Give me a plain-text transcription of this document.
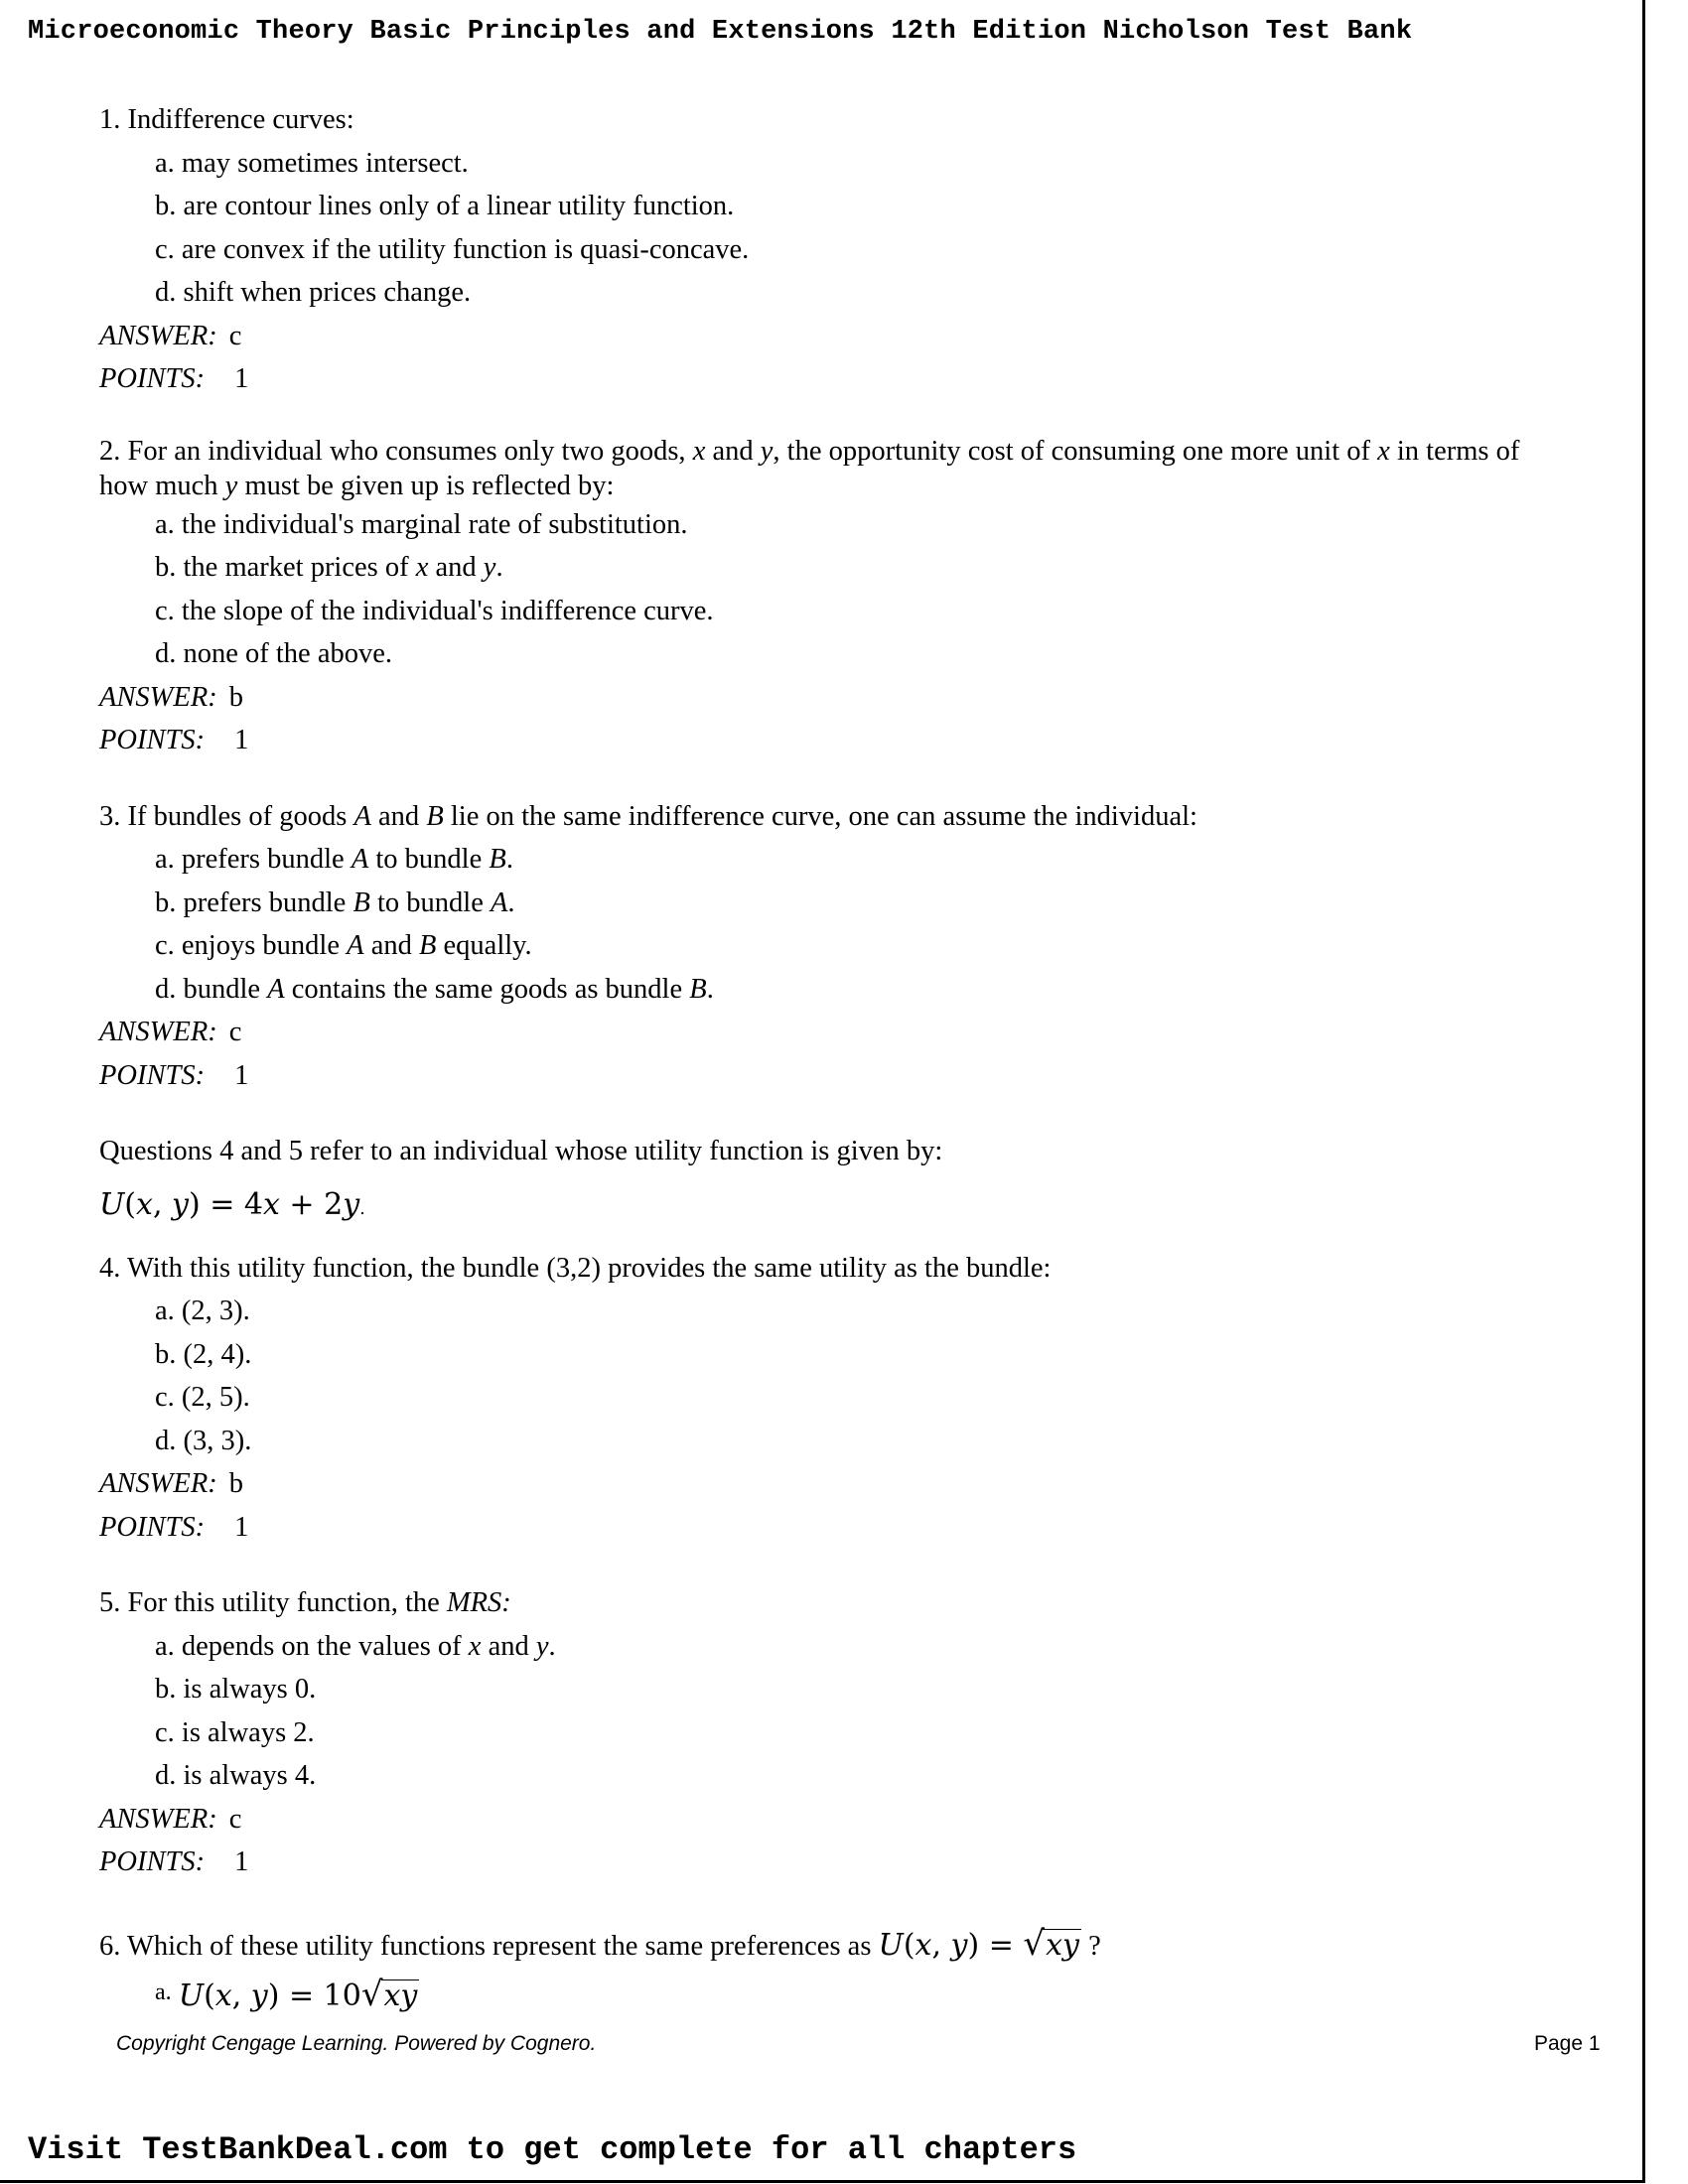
Microeconomic Theory Basic Principles and Extensions 12th Edition Nicholson Test Bank

1. Indifference curves:

a. may sometimes intersect.

b. are contour lines only of a linear utility function.

c. are convex if the utility function is quasi-concave.

d. shift when prices change.

ANSWER: c

POINTS: 1

2. For an individual who consumes only two goods, x and y, the opportunity cost of consuming one more unit of x in terms of how much y must be given up is reflected by:

a. the individual's marginal rate of substitution.

b. the market prices of x and y.

c. the slope of the individual's indifference curve.

d. none of the above.

ANSWER: b

POINTS: 1

3. If bundles of goods A and B lie on the same indifference curve, one can assume the individual:

a. prefers bundle A to bundle B.

b. prefers bundle B to bundle A.

c. enjoys bundle A and B equally.

d. bundle A contains the same goods as bundle B.

ANSWER: c

POINTS: 1

Questions 4 and 5 refer to an individual whose utility function is given by:

U(x, y) = 4x + 2y.

4. With this utility function, the bundle (3,2) provides the same utility as the bundle:

a. (2, 3).

b. (2, 4).

c. (2, 5).

d. (3, 3).

ANSWER: b

POINTS: 1

5. For this utility function, the MRS:

a. depends on the values of x and y.

b. is always 0.

c. is always 2.

d. is always 4.

ANSWER: c

POINTS: 1

6. Which of these utility functions represent the same preferences as U(x, y) = √xy ?

$^{a.}$ U(x, y) = 10√xy

Copyright Cengage Learning. Powered by Cognero.	Page 1
Visit TestBankDeal.com to get complete for all chapters
